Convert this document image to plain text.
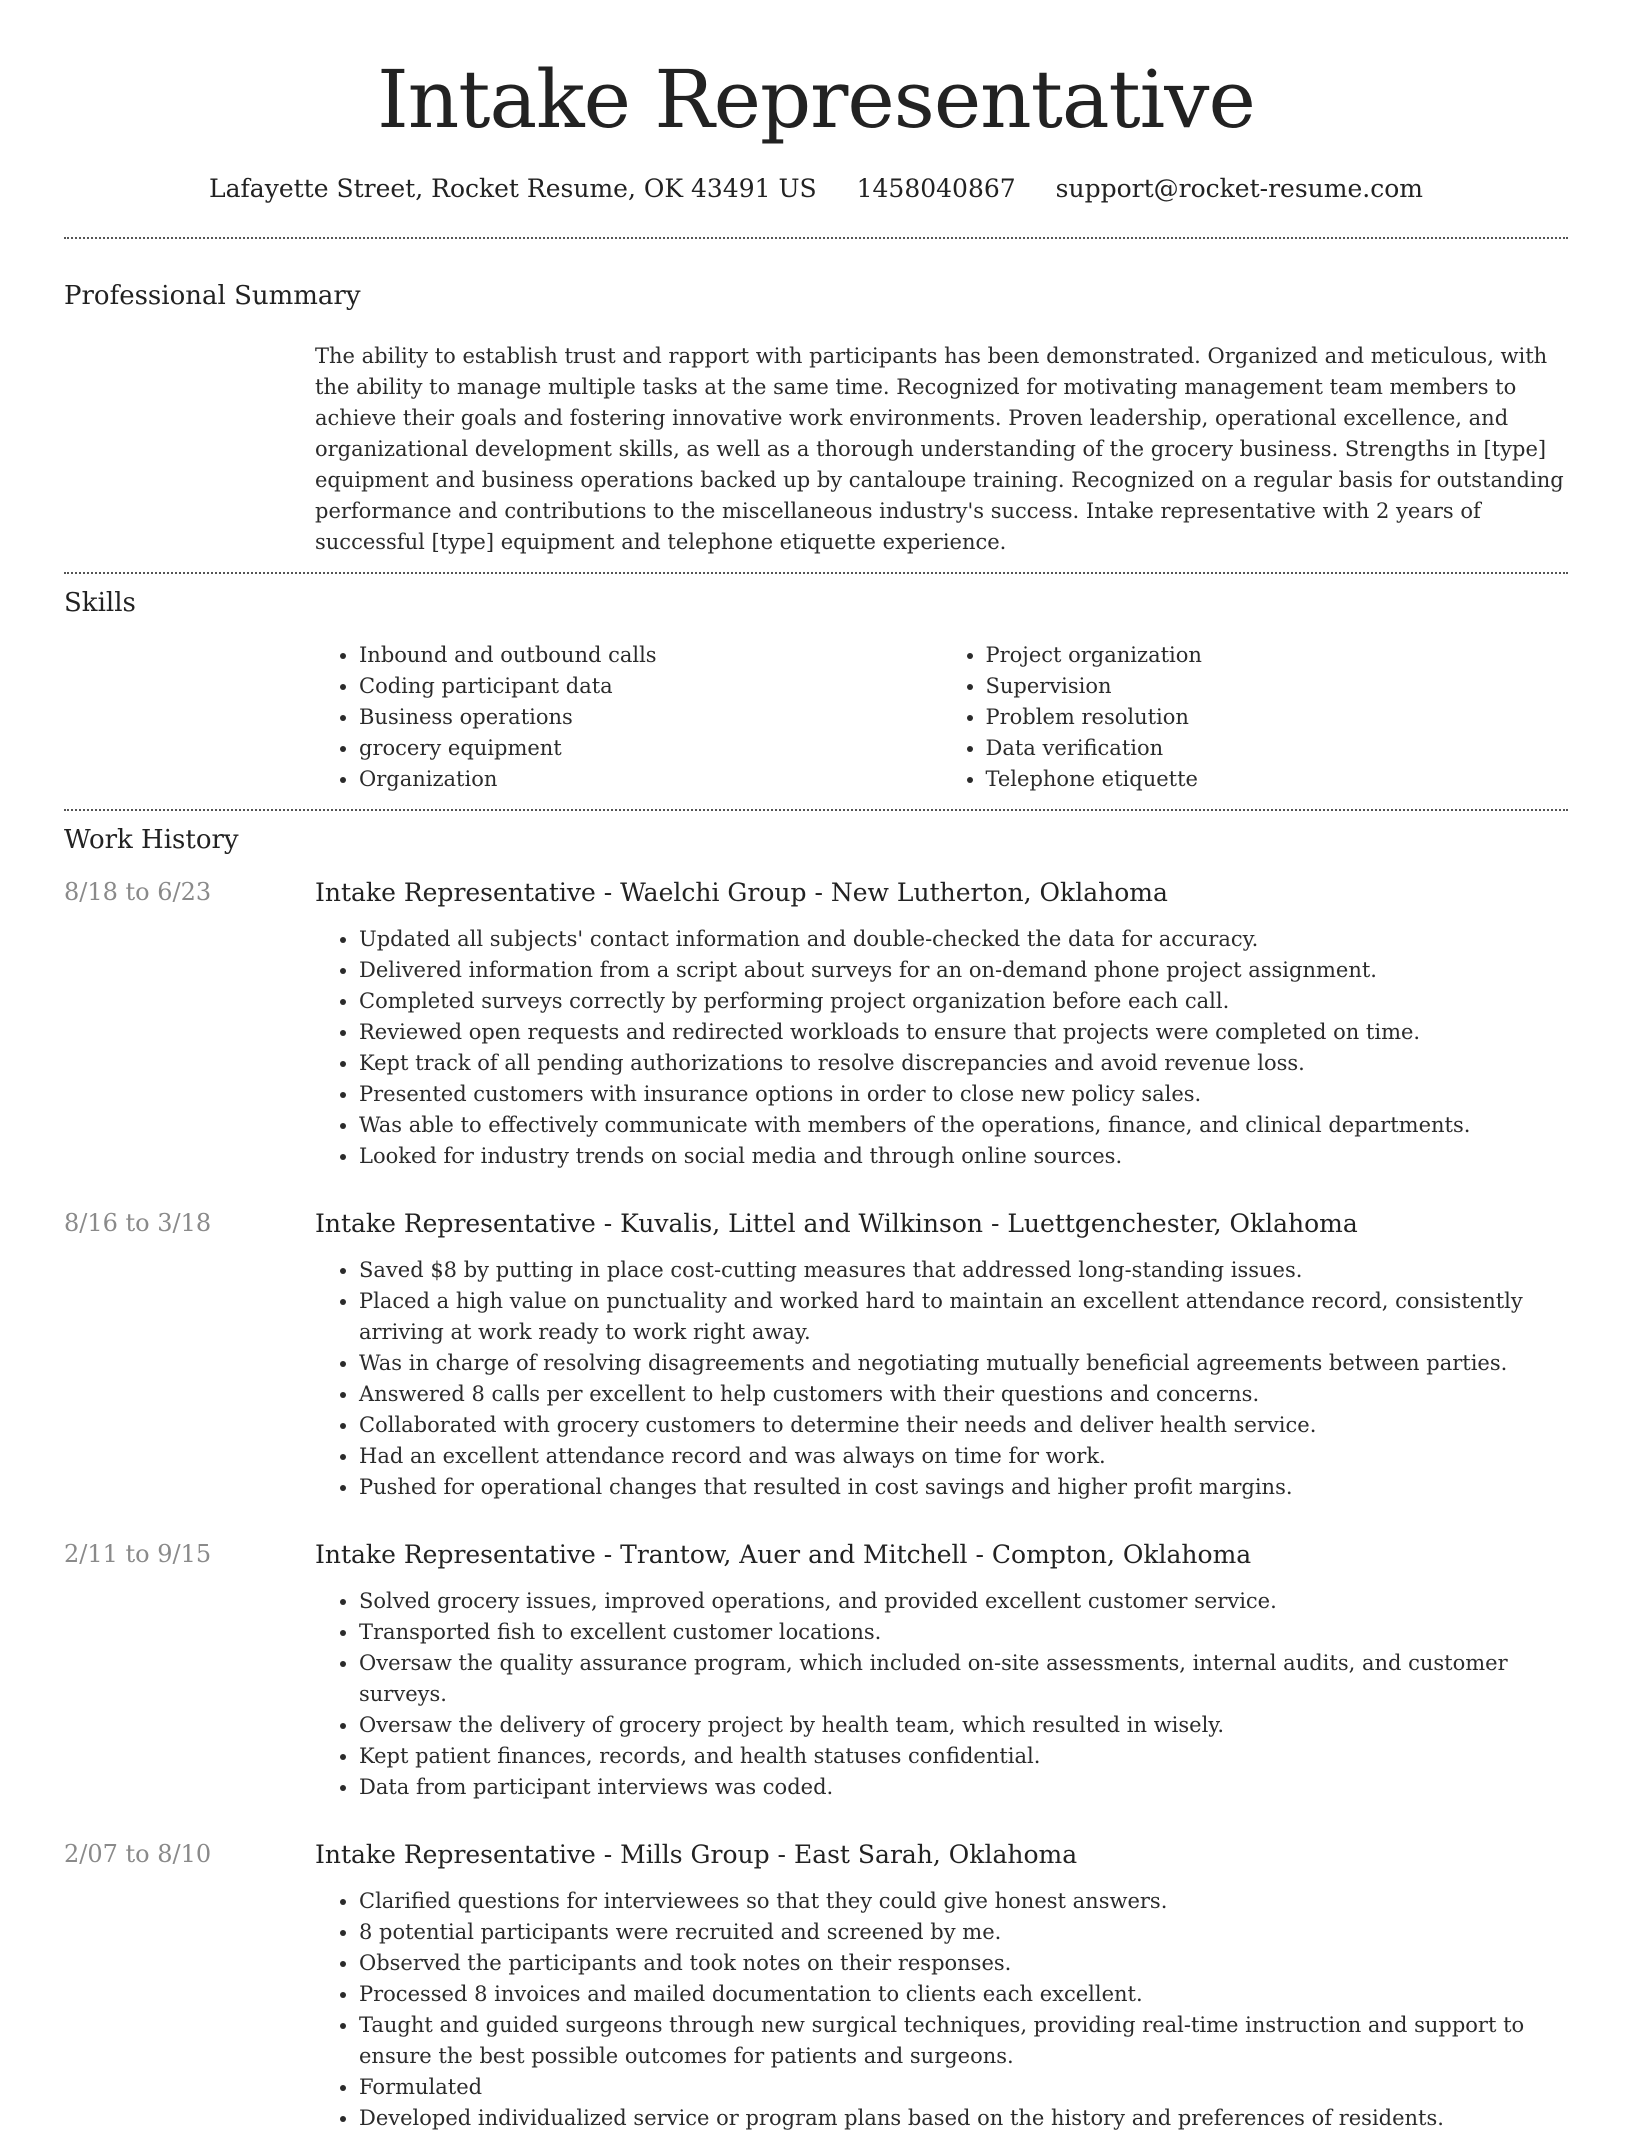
Intake Representative
Lafayette Street, Rocket Resume, OK 43491 US 1458040867 support@rocket-resume.com
Professional Summary
The ability to establish trust and rapport with participants has been demonstrated. Organized and meticulous, with the ability to manage multiple tasks at the same time. Recognized for motivating management team members to achieve their goals and fostering innovative work environments. Proven leadership, operational excellence, and organizational development skills, as well as a thorough understanding of the grocery business. Strengths in [type] equipment and business operations backed up by cantaloupe training. Recognized on a regular basis for outstanding performance and contributions to the miscellaneous industry's success. Intake representative with 2 years of successful [type] equipment and telephone etiquette experience.
Skills
• Inbound and outbound calls
• Coding participant data
• Business operations
• grocery equipment
• Organization
• Project organization
• Supervision
• Problem resolution
• Data verification
• Telephone etiquette
Work History
8/18 to 6/23	Intake Representative - Waelchi Group - New Lutherton, Oklahoma
• Updated all subjects' contact information and double-checked the data for accuracy.
• Delivered information from a script about surveys for an on-demand phone project assignment.
• Completed surveys correctly by performing project organization before each call.
• Reviewed open requests and redirected workloads to ensure that projects were completed on time.
• Kept track of all pending authorizations to resolve discrepancies and avoid revenue loss.
• Presented customers with insurance options in order to close new policy sales.
• Was able to effectively communicate with members of the operations, finance, and clinical departments.
• Looked for industry trends on social media and through online sources.
8/16 to 3/18	Intake Representative - Kuvalis, Littel and Wilkinson - Luettgenchester, Oklahoma
• Saved $8 by putting in place cost-cutting measures that addressed long-standing issues.
• Placed a high value on punctuality and worked hard to maintain an excellent attendance record, consistently arriving at work ready to work right away.
• Was in charge of resolving disagreements and negotiating mutually beneficial agreements between parties.
• Answered 8 calls per excellent to help customers with their questions and concerns.
• Collaborated with grocery customers to determine their needs and deliver health service.
• Had an excellent attendance record and was always on time for work.
• Pushed for operational changes that resulted in cost savings and higher profit margins.
2/11 to 9/15	Intake Representative - Trantow, Auer and Mitchell - Compton, Oklahoma
• Solved grocery issues, improved operations, and provided excellent customer service.
• Transported fish to excellent customer locations.
• Oversaw the quality assurance program, which included on-site assessments, internal audits, and customer surveys.
• Oversaw the delivery of grocery project by health team, which resulted in wisely.
• Kept patient finances, records, and health statuses confidential.
• Data from participant interviews was coded.
2/07 to 8/10	Intake Representative - Mills Group - East Sarah, Oklahoma
• Clarified questions for interviewees so that they could give honest answers.
• 8 potential participants were recruited and screened by me.
• Observed the participants and took notes on their responses.
• Processed 8 invoices and mailed documentation to clients each excellent.
• Taught and guided surgeons through new surgical techniques, providing real-time instruction and support to ensure the best possible outcomes for patients and surgeons.
• Formulated
• Developed individualized service or program plans based on the history and preferences of residents.
